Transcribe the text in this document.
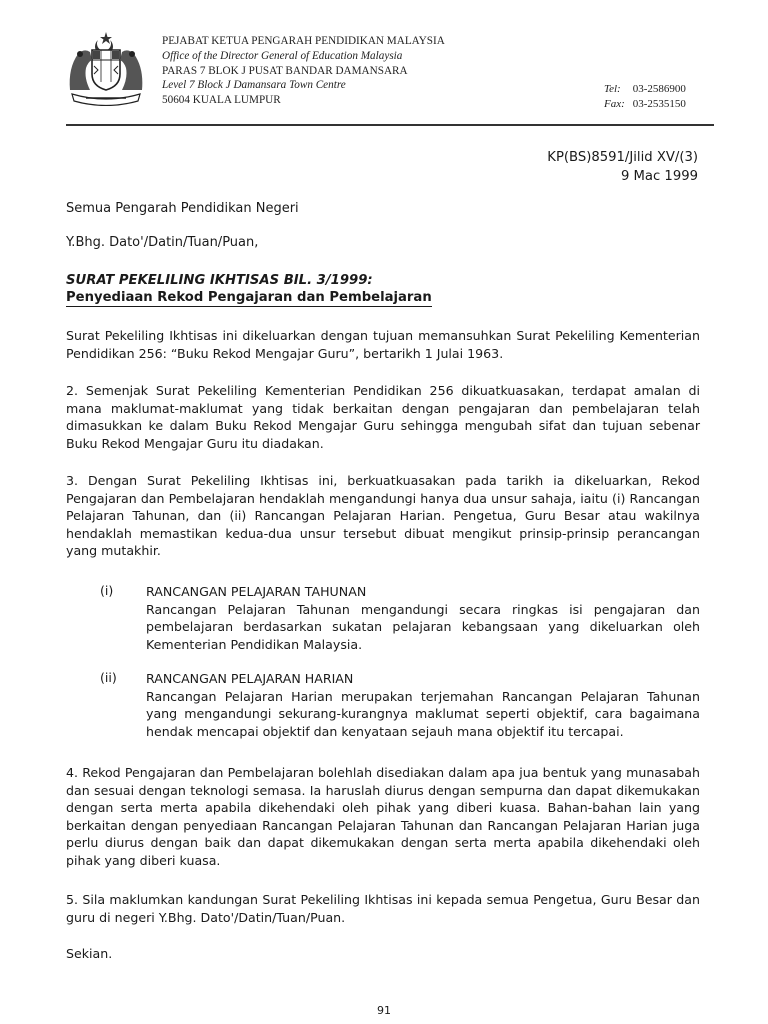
PEJABAT KETUA PENGARAH PENDIDIKAN MALAYSIA
Office of the Director General of Education Malaysia
PARAS 7 BLOK J PUSAT BANDAR DAMANSARA
Level 7 Block J Damansara Town Centre
50604 KUALA LUMPUR
Tel: 03-2586900
Fax: 03-2535150
KP(BS)8591/Jilid XV/(3)
9 Mac 1999
Semua Pengarah Pendidikan Negeri
Y.Bhg. Dato'/Datin/Tuan/Puan,
SURAT PEKELILING IKHTISAS BIL. 3/1999:
Penyediaan Rekod Pengajaran dan Pembelajaran
Surat Pekeliling Ikhtisas ini dikeluarkan dengan tujuan memansuhkan Surat Pekeliling Kementerian Pendidikan 256: “Buku Rekod Mengajar Guru”, bertarikh 1 Julai 1963.
2. Semenjak Surat Pekeliling Kementerian Pendidikan 256 dikuatkuasakan, terdapat amalan di mana maklumat-maklumat yang tidak berkaitan dengan pengajaran dan pembelajaran telah dimasukkan ke dalam Buku Rekod Mengajar Guru sehingga mengubah sifat dan tujuan sebenar Buku Rekod Mengajar Guru itu diadakan.
3. Dengan Surat Pekeliling Ikhtisas ini, berkuatkuasakan pada tarikh ia dikeluarkan, Rekod Pengajaran dan Pembelajaran hendaklah mengandungi hanya dua unsur sahaja, iaitu (i) Rancangan Pelajaran Tahunan, dan (ii) Rancangan Pelajaran Harian. Pengetua, Guru Besar atau wakilnya hendaklah memastikan kedua-dua unsur tersebut dibuat mengikut prinsip-prinsip perancangan yang mutakhir.
(i)	RANCANGAN PELAJARAN TAHUNAN
Rancangan Pelajaran Tahunan mengandungi secara ringkas isi pengajaran dan pembelajaran berdasarkan sukatan pelajaran kebangsaan yang dikeluarkan oleh Kementerian Pendidikan Malaysia.
(ii) RANCANGAN PELAJARAN HARIAN
Rancangan Pelajaran Harian merupakan terjemahan Rancangan Pelajaran Tahunan yang mengandungi sekurang-kurangnya maklumat seperti objektif, cara bagaimana hendak mencapai objektif dan kenyataan sejauh mana objektif itu tercapai.
4. Rekod Pengajaran dan Pembelajaran bolehlah disediakan dalam apa jua bentuk yang munasabah dan sesuai dengan teknologi semasa. Ia haruslah diurus dengan sempurna dan dapat dikemukakan dengan serta merta apabila dikehendaki oleh pihak yang diberi kuasa. Bahan-bahan lain yang berkaitan dengan penyediaan Rancangan Pelajaran Tahunan dan Rancangan Pelajaran Harian juga perlu diurus dengan baik dan dapat dikemukakan dengan serta merta apabila dikehendaki oleh pihak yang diberi kuasa.
5. Sila maklumkan kandungan Surat Pekeliling Ikhtisas ini kepada semua Pengetua, Guru Besar dan guru di negeri Y.Bhg. Dato'/Datin/Tuan/Puan.
Sekian.
91
